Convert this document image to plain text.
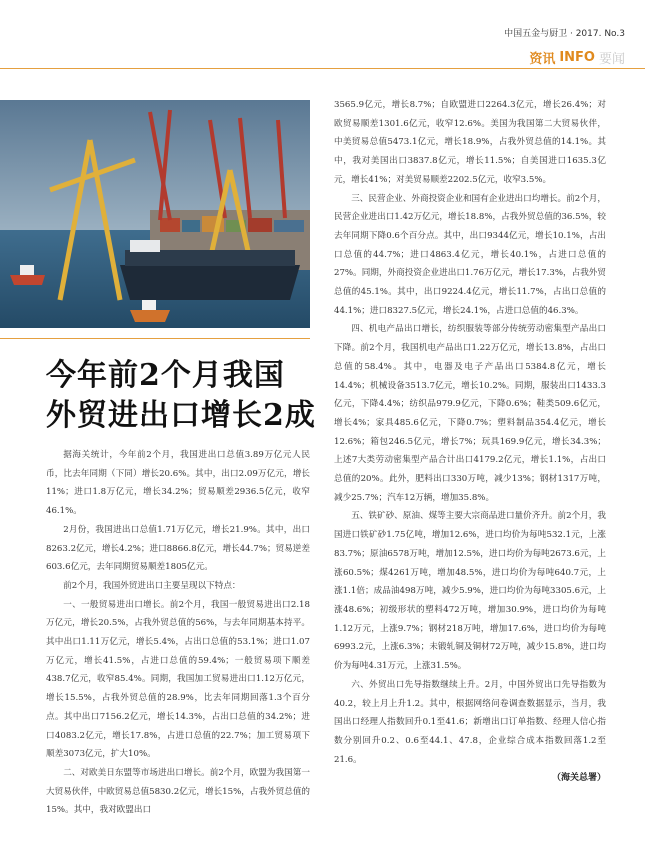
中国五金与厨卫 · 2017. No.3
资讯 INFO 要闻
今年前2个月我国
外贸进出口增长2成

据海关统计，今年前2个月，我国进出口总值3.89万亿元人民币，比去年同期（下同）增长20.6%。其中，出口2.09万亿元，增长11%；进口1.8万亿元，增长34.2%；贸易顺差2936.5亿元，收窄46.1%。

2月份，我国进出口总值1.71万亿元，增长21.9%。其中，出口8263.2亿元，增长4.2%；进口8866.8亿元，增长44.7%；贸易逆差603.6亿元，去年同期贸易顺差1805亿元。

前2个月，我国外贸进出口主要呈现以下特点：

一、一般贸易进出口增长。前2个月，我国一般贸易进出口2.18万亿元，增长20.5%，占我外贸总值的56%，与去年同期基本持平。其中出口1.11万亿元，增长5.4%，占出口总值的53.1%；进口1.07万亿元，增长41.5%，占进口总值的59.4%；一般贸易项下顺差438.7亿元，收窄85.4%。同期，我国加工贸易进出口1.12万亿元，增长15.5%，占我外贸总值的28.9%，比去年同期回落1.3个百分点。其中出口7156.2亿元，增长14.3%，占出口总值的34.2%；进口4083.2亿元，增长17.8%，占进口总值的22.7%；加工贸易项下顺差3073亿元，扩大10%。

二、对欧美日东盟等市场进出口增长。前2个月，欧盟为我国第一大贸易伙伴，中欧贸易总值5830.2亿元，增长15%，占我外贸总值的15%。其中，我对欧盟出口

3565.9亿元，增长8.7%；自欧盟进口2264.3亿元，增长26.4%；对欧贸易顺差1301.6亿元，收窄12.6%。美国为我国第二大贸易伙伴，中美贸易总值5473.1亿元，增长18.9%，占我外贸总值的14.1%。其中，我对美国出口3837.8亿元，增长11.5%；自美国进口1635.3亿元，增长41%；对美贸易顺差2202.5亿元，收窄3.5%。

三、民营企业、外商投资企业和国有企业进出口均增长。前2个月，民营企业进出口1.42万亿元，增长18.8%，占我外贸总值的36.5%，较去年同期下降0.6个百分点。其中，出口9344亿元，增长10.1%，占出口总值的44.7%；进口4863.4亿元，增长40.1%，占进口总值的27%。同期，外商投资企业进出口1.76万亿元，增长17.3%，占我外贸总值的45.1%。其中，出口9224.4亿元，增长11.7%，占出口总值的44.1%；进口8327.5亿元，增长24.1%，占进口总值的46.3%。

四、机电产品出口增长，纺织服装等部分传统劳动密集型产品出口下降。前2个月，我国机电产品出口1.22万亿元，增长13.8%，占出口总值的58.4%。其中，电器及电子产品出口5384.8亿元，增长14.4%；机械设备3513.7亿元，增长10.2%。同期，服装出口1433.3亿元，下降4.4%；纺织品979.9亿元，下降0.6%；鞋类509.6亿元，增长4%；家具485.6亿元，下降0.7%；塑料制品354.4亿元，增长12.6%；箱包246.5亿元，增长7%；玩具169.9亿元，增长34.3%；上述7大类劳动密集型产品合计出口4179.2亿元，增长1.1%，占出口总值的20%。此外，肥料出口330万吨，减少13%；钢材1317万吨，减少25.7%；汽车12万辆，增加35.8%。

五、铁矿砂、原油、煤等主要大宗商品进口量价齐升。前2个月，我国进口铁矿砂1.75亿吨，增加12.6%，进口均价为每吨532.1元，上涨83.7%；原油6578万吨，增加12.5%，进口均价为每吨2673.6元，上涨60.5%；煤4261万吨，增加48.5%，进口均价为每吨640.7元，上涨1.1倍；成品油498万吨，减少5.9%，进口均价为每吨3305.6元，上涨48.6%；初级形状的塑料472万吨，增加30.9%，进口均价为每吨1.12万元，上涨9.7%；钢材218万吨，增加17.6%，进口均价为每吨6993.2元，上涨6.3%；未锻轧铜及铜材72万吨，减少15.8%，进口均价为每吨4.31万元，上涨31.5%。

六、外贸出口先导指数继续上升。2月，中国外贸出口先导指数为40.2，较上月上升1.2。其中，根据网络问卷调查数据显示，当月，我国出口经理人指数回升0.1至41.6；新增出口订单指数、经理人信心指数分别回升0.2、0.6至44.1、47.8，企业综合成本指数回落1.2至21.6。

（海关总署）
